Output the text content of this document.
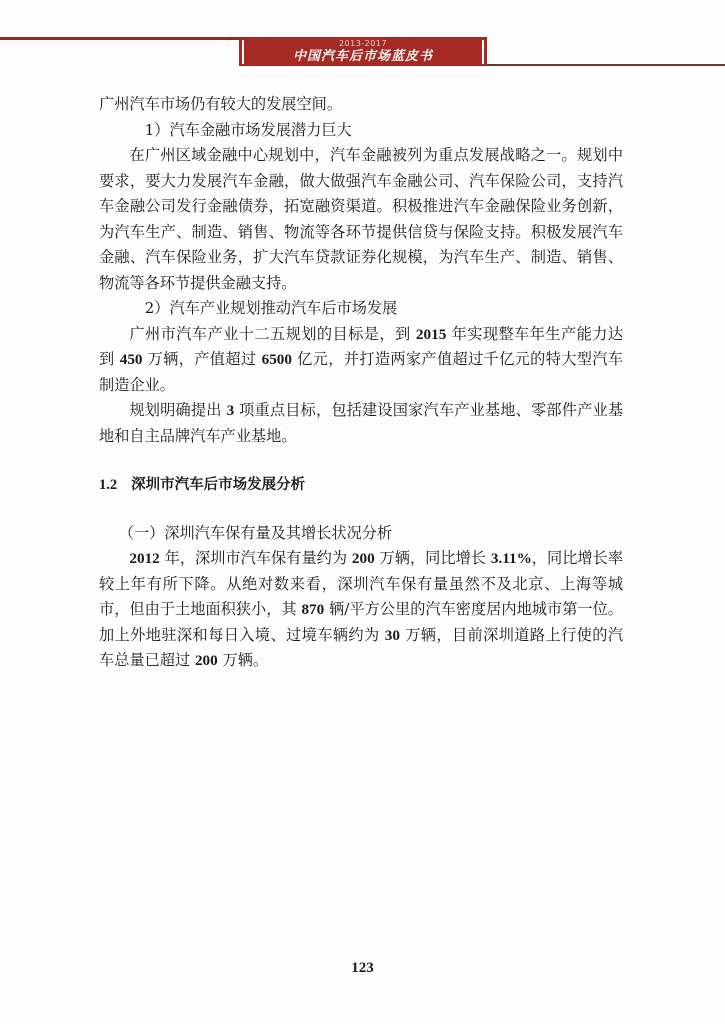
2013-2017
中国汽车后市场蓝皮书

广州汽车市场仍有较大的发展空间。

1）汽车金融市场发展潜力巨大

在广州区域金融中心规划中，汽车金融被列为重点发展战略之一。规划中要求，要大力发展汽车金融，做大做强汽车金融公司、汽车保险公司，支持汽车金融公司发行金融债券，拓宽融资渠道。积极推进汽车金融保险业务创新，为汽车生产、制造、销售、物流等各环节提供信贷与保险支持。积极发展汽车金融、汽车保险业务，扩大汽车贷款证券化规模，为汽车生产、制造、销售、物流等各环节提供金融支持。

2）汽车产业规划推动汽车后市场发展

广州市汽车产业十二五规划的目标是，到 2015 年实现整车年生产能力达到 450 万辆，产值超过 6500 亿元，并打造两家产值超过千亿元的特大型汽车制造企业。

规划明确提出 3 项重点目标，包括建设国家汽车产业基地、零部件产业基地和自主品牌汽车产业基地。

1.2 深圳市汽车后市场发展分析

（一）深圳汽车保有量及其增长状况分析

2012 年，深圳市汽车保有量约为 200 万辆，同比增长 3.11%，同比增长率较上年有所下降。从绝对数来看，深圳汽车保有量虽然不及北京、上海等城市，但由于土地面积狭小，其 870 辆/平方公里的汽车密度居内地城市第一位。加上外地驻深和每日入境、过境车辆约为 30 万辆，目前深圳道路上行使的汽车总量已超过 200 万辆。

123
